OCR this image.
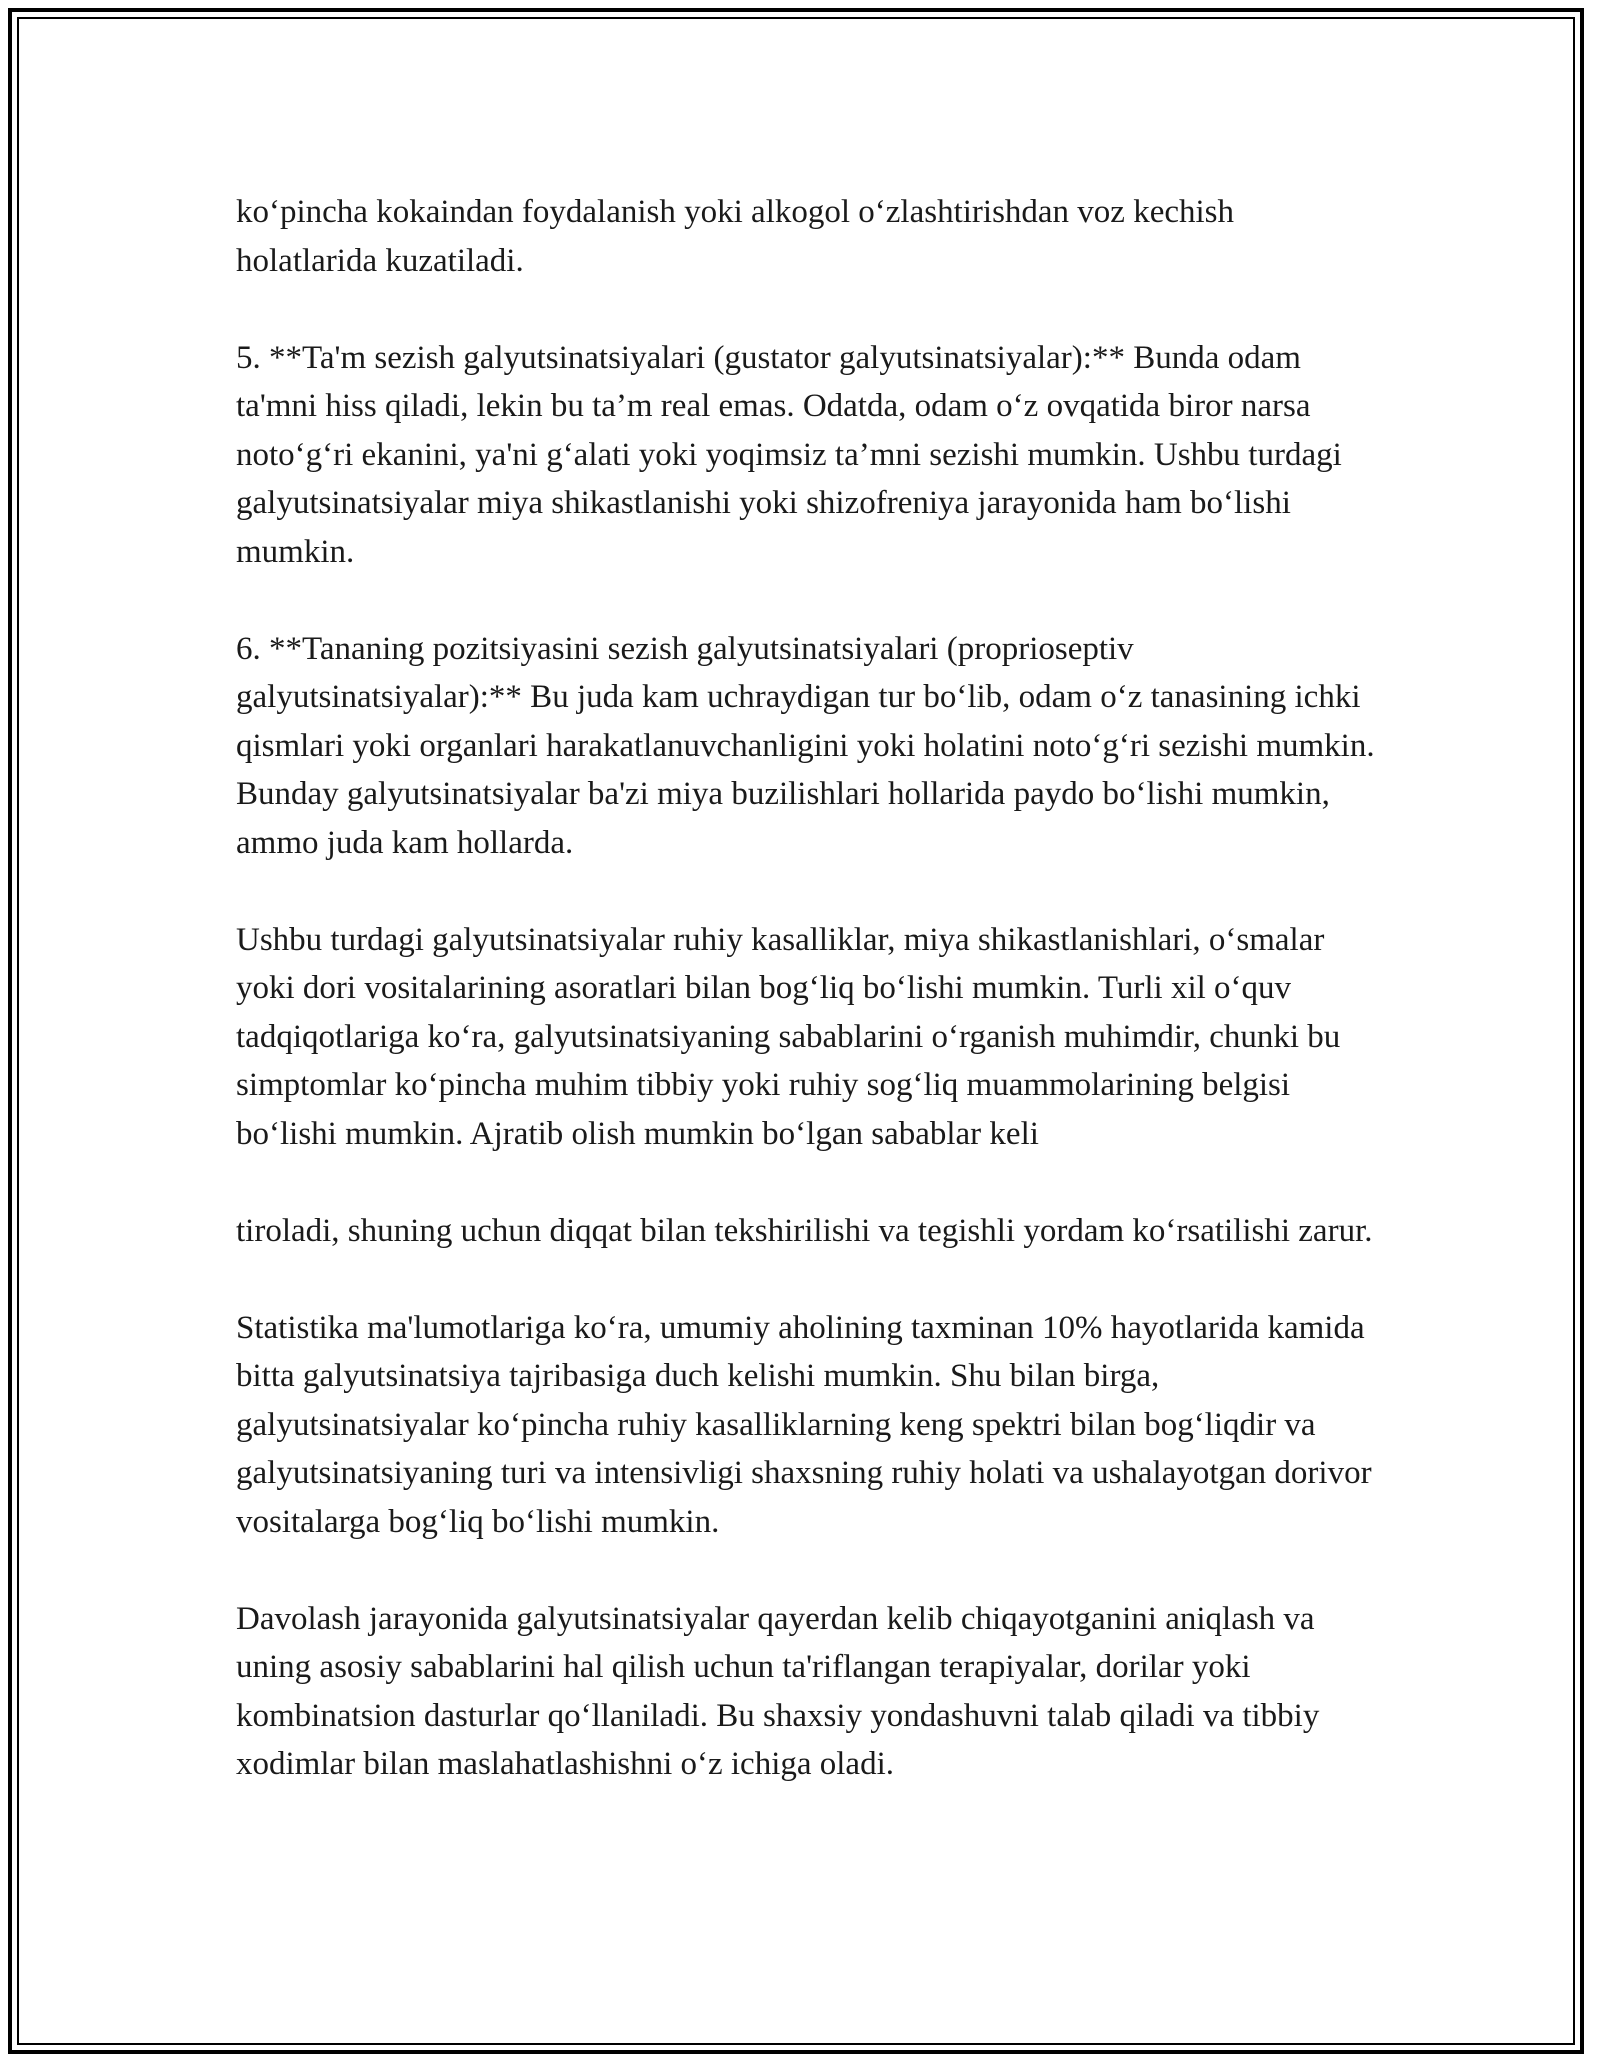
ko‘pincha kokaindan foydalanish yoki alkogol o‘zlashtirishdan voz kechish holatlarida kuzatiladi.

5. **Ta'm sezish galyutsinatsiyalari (gustator galyutsinatsiyalar):** Bunda odam ta'mni hiss qiladi, lekin bu ta’m real emas. Odatda, odam o‘z ovqatida biror narsa noto‘g‘ri ekanini, ya'ni g‘alati yoki yoqimsiz ta’mni sezishi mumkin. Ushbu turdagi galyutsinatsiyalar miya shikastlanishi yoki shizofreniya jarayonida ham bo‘lishi mumkin.

6. **Tananing pozitsiyasini sezish galyutsinatsiyalari (proprioseptiv galyutsinatsiyalar):** Bu juda kam uchraydigan tur bo‘lib, odam o‘z tanasining ichki qismlari yoki organlari harakatlanuvchanligini yoki holatini noto‘g‘ri sezishi mumkin. Bunday galyutsinatsiyalar ba'zi miya buzilishlari hollarida paydo bo‘lishi mumkin, ammo juda kam hollarda.

Ushbu turdagi galyutsinatsiyalar ruhiy kasalliklar, miya shikastlanishlari, o‘smalar yoki dori vositalarining asoratlari bilan bog‘liq bo‘lishi mumkin. Turli xil o‘quv tadqiqotlariga ko‘ra, galyutsinatsiyaning sabablarini o‘rganish muhimdir, chunki bu simptomlar ko‘pincha muhim tibbiy yoki ruhiy sog‘liq muammolarining belgisi bo‘lishi mumkin. Ajratib olish mumkin bo‘lgan sabablar keli

tiroladi, shuning uchun diqqat bilan tekshirilishi va tegishli yordam ko‘rsatilishi zarur.

Statistika ma'lumotlariga ko‘ra, umumiy aholining taxminan 10% hayotlarida kamida bitta galyutsinatsiya tajribasiga duch kelishi mumkin. Shu bilan birga, galyutsinatsiyalar ko‘pincha ruhiy kasalliklarning keng spektri bilan bog‘liqdir va galyutsinatsiyaning turi va intensivligi shaxsning ruhiy holati va ushalayotgan dorivor vositalarga bog‘liq bo‘lishi mumkin.

Davolash jarayonida galyutsinatsiyalar qayerdan kelib chiqayotganini aniqlash va uning asosiy sabablarini hal qilish uchun ta'riflangan terapiyalar, dorilar yoki kombinatsion dasturlar qo‘llaniladi. Bu shaxsiy yondashuvni talab qiladi va tibbiy xodimlar bilan maslahatlashishni o‘z ichiga oladi.
